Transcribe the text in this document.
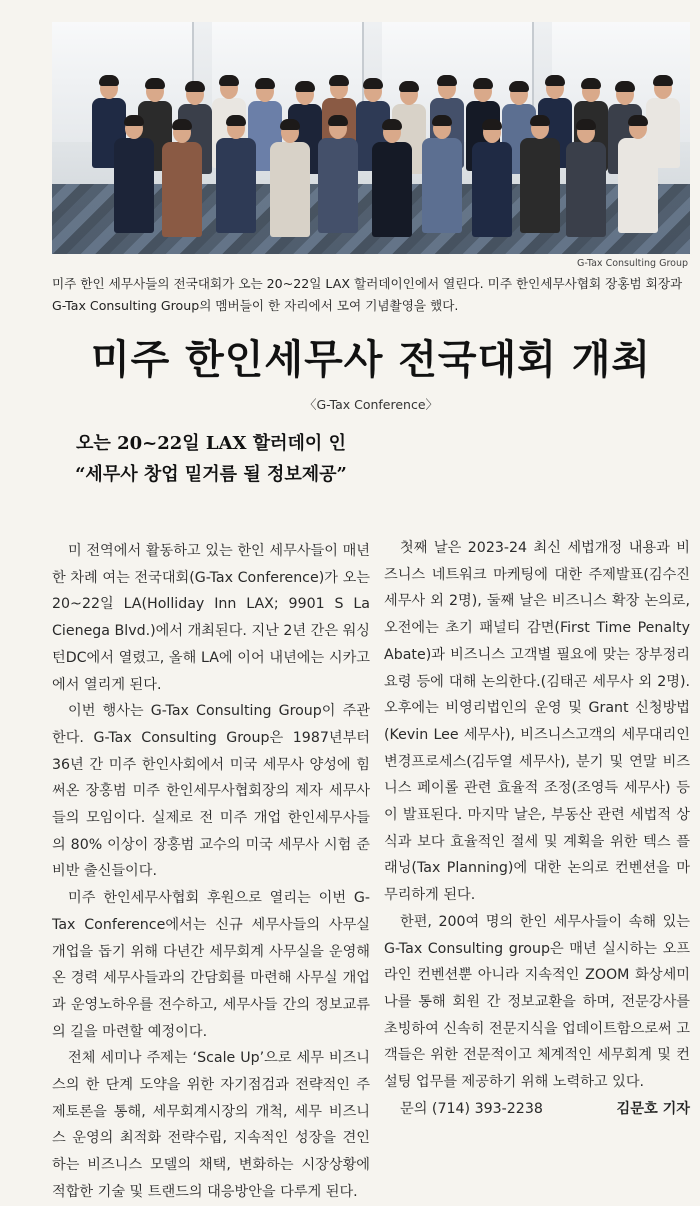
G-Tax Consulting Group

미주 한인 세무사들의 전국대회가 오는 20~22일 LAX 할러데이인에서 열린다. 미주 한인세무사협회 장홍범 회장과 G-Tax Consulting Group의 멤버들이 한 자리에서 모여 기념촬영을 했다.

미주 한인세무사 전국대회 개최
〈G-Tax Conference〉
오는 20~22일 LAX 할러데이 인
“세무사 창업 밑거름 될 정보제공”

미 전역에서 활동하고 있는 한인 세무사들이 매년 한 차례 여는 전국대회(G-Tax Conference)가 오는 20~22일 LA(Holliday Inn LAX; 9901 S La Cienega Blvd.)에서 개최된다. 지난 2년 간은 워싱턴DC에서 열렸고, 올해 LA에 이어 내년에는 시카고에서 열리게 된다.

이번 행사는 G-Tax Consulting Group이 주관한다. G-Tax Consulting Group은 1987년부터 36년 간 미주 한인사회에서 미국 세무사 양성에 힘 써온 장홍범 미주 한인세무사협회장의 제자 세무사들의 모임이다. 실제로 전 미주 개업 한인세무사들의 80% 이상이 장홍범 교수의 미국 세무사 시험 준비반 출신들이다.

미주 한인세무사협회 후원으로 열리는 이번 G-Tax Conference에서는 신규 세무사들의 사무실 개업을 돕기 위해 다년간 세무회계 사무실을 운영해 온 경력 세무사들과의 간담회를 마련해 사무실 개업과 운영노하우를 전수하고, 세무사들 간의 정보교류의 길을 마련할 예정이다.

전체 세미나 주제는 ‘Scale Up’으로 세무 비즈니스의 한 단계 도약을 위한 자기점검과 전략적인 주제토론을 통해, 세무회계시장의 개척, 세무 비즈니스 운영의 최적화 전략수립, 지속적인 성장을 견인하는 비즈니스 모델의 채택, 변화하는 시장상황에 적합한 기술 및 트랜드의 대응방안을 다루게 된다.

첫째 날은 2023-24 최신 세법개정 내용과 비즈니스 네트워크 마케팅에 대한 주제발표(김수진 세무사 외 2명), 둘째 날은 비즈니스 확장 논의로, 오전에는 초기 패널티 감면(First Time Penalty Abate)과 비즈니스 고객별 필요에 맞는 장부정리 요령 등에 대해 논의한다.(김태곤 세무사 외 2명). 오후에는 비영리법인의 운영 및 Grant 신청방법(Kevin Lee 세무사), 비즈니스고객의 세무대리인 변경프로세스(김두열 세무사), 분기 및 연말 비즈니스 페이롤 관련 효율적 조정(조영득 세무사) 등이 발표된다. 마지막 날은, 부동산 관련 세법적 상식과 보다 효율적인 절세 및 계획을 위한 텍스 플래닝(Tax Planning)에 대한 논의로 컨벤션을 마무리하게 된다.

한편, 200여 명의 한인 세무사들이 속해 있는 G-Tax Consulting group은 매년 실시하는 오프라인 컨벤션뿐 아니라 지속적인 ZOOM 화상세미나를 통해 회원 간 정보교환을 하며, 전문강사를 초빙하여 신속히 전문지식을 업데이트함으로써 고객들은 위한 전문적이고 체계적인 세무회계 및 컨설팅 업무를 제공하기 위해 노력하고 있다.

문의 (714) 393-2238	김문호 기자
